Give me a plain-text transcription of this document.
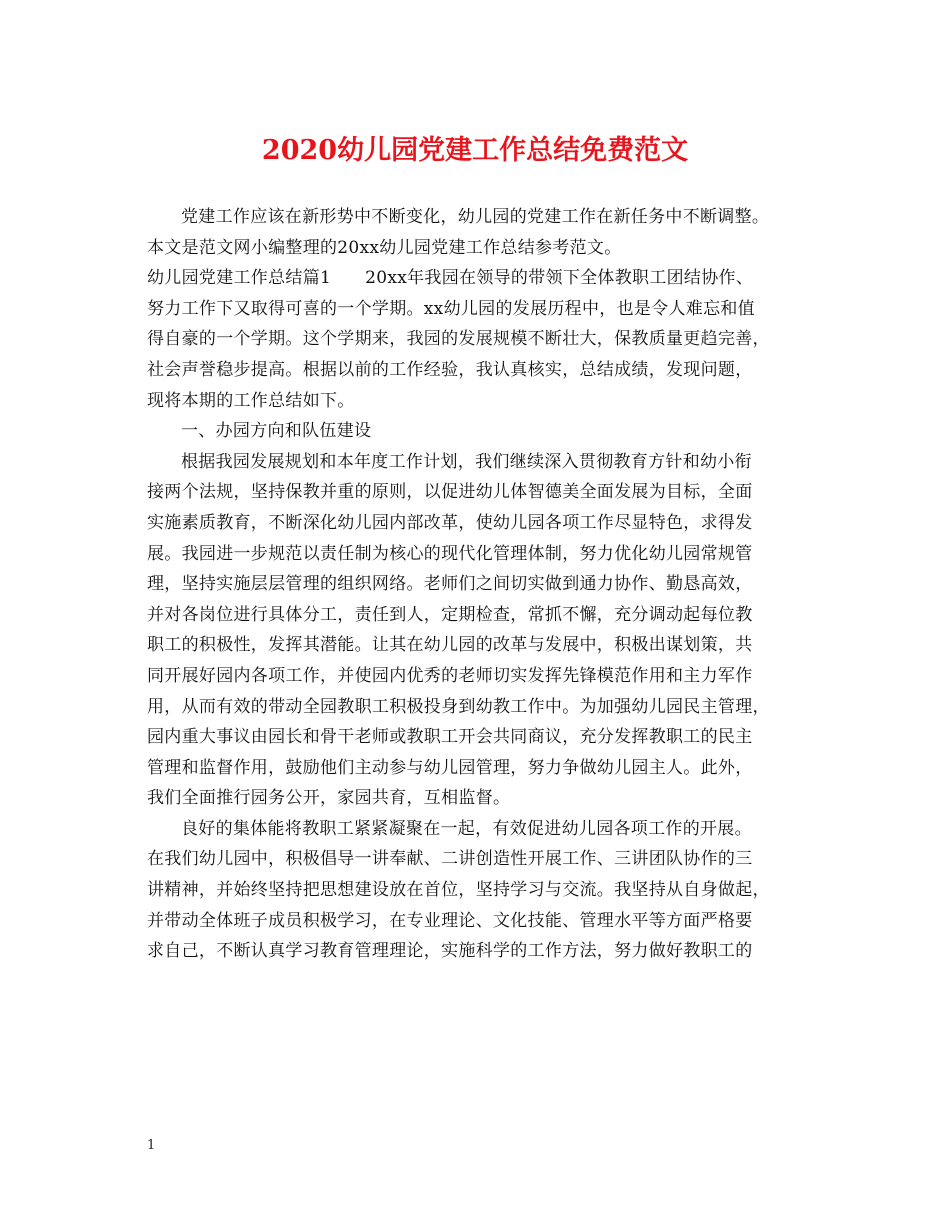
2020幼儿园党建工作总结免费范文
党建工作应该在新形势中不断变化，幼儿园的党建工作在新任务中不断调整。
本文是范文网小编整理的20xx幼儿园党建工作总结参考范文。
幼儿园党建工作总结篇1 20xx年我园在领导的带领下全体教职工团结协作、
努力工作下又取得可喜的一个学期。xx幼儿园的发展历程中，也是令人难忘和值
得自豪的一个学期。这个学期来，我园的发展规模不断壮大，保教质量更趋完善，
社会声誉稳步提高。根据以前的工作经验，我认真核实，总结成绩，发现问题，
现将本期的工作总结如下。
一、办园方向和队伍建设
根据我园发展规划和本年度工作计划，我们继续深入贯彻教育方针和幼小衔
接两个法规，坚持保教并重的原则，以促进幼儿体智德美全面发展为目标，全面
实施素质教育，不断深化幼儿园内部改革，使幼儿园各项工作尽显特色，求得发
展。我园进一步规范以责任制为核心的现代化管理体制，努力优化幼儿园常规管
理，坚持实施层层管理的组织网络。老师们之间切实做到通力协作、勤恳高效，
并对各岗位进行具体分工，责任到人，定期检查，常抓不懈，充分调动起每位教
职工的积极性，发挥其潜能。让其在幼儿园的改革与发展中，积极出谋划策，共
同开展好园内各项工作，并使园内优秀的老师切实发挥先锋模范作用和主力军作
用，从而有效的带动全园教职工积极投身到幼教工作中。为加强幼儿园民主管理，
园内重大事议由园长和骨干老师或教职工开会共同商议，充分发挥教职工的民主
管理和监督作用，鼓励他们主动参与幼儿园管理，努力争做幼儿园主人。此外，
我们全面推行园务公开，家园共育，互相监督。
良好的集体能将教职工紧紧凝聚在一起，有效促进幼儿园各项工作的开展。
在我们幼儿园中，积极倡导一讲奉献、二讲创造性开展工作、三讲团队协作的三
讲精神，并始终坚持把思想建设放在首位，坚持学习与交流。我坚持从自身做起，
并带动全体班子成员积极学习，在专业理论、文化技能、管理水平等方面严格要
求自己，不断认真学习教育管理理论，实施科学的工作方法，努力做好教职工的
1
